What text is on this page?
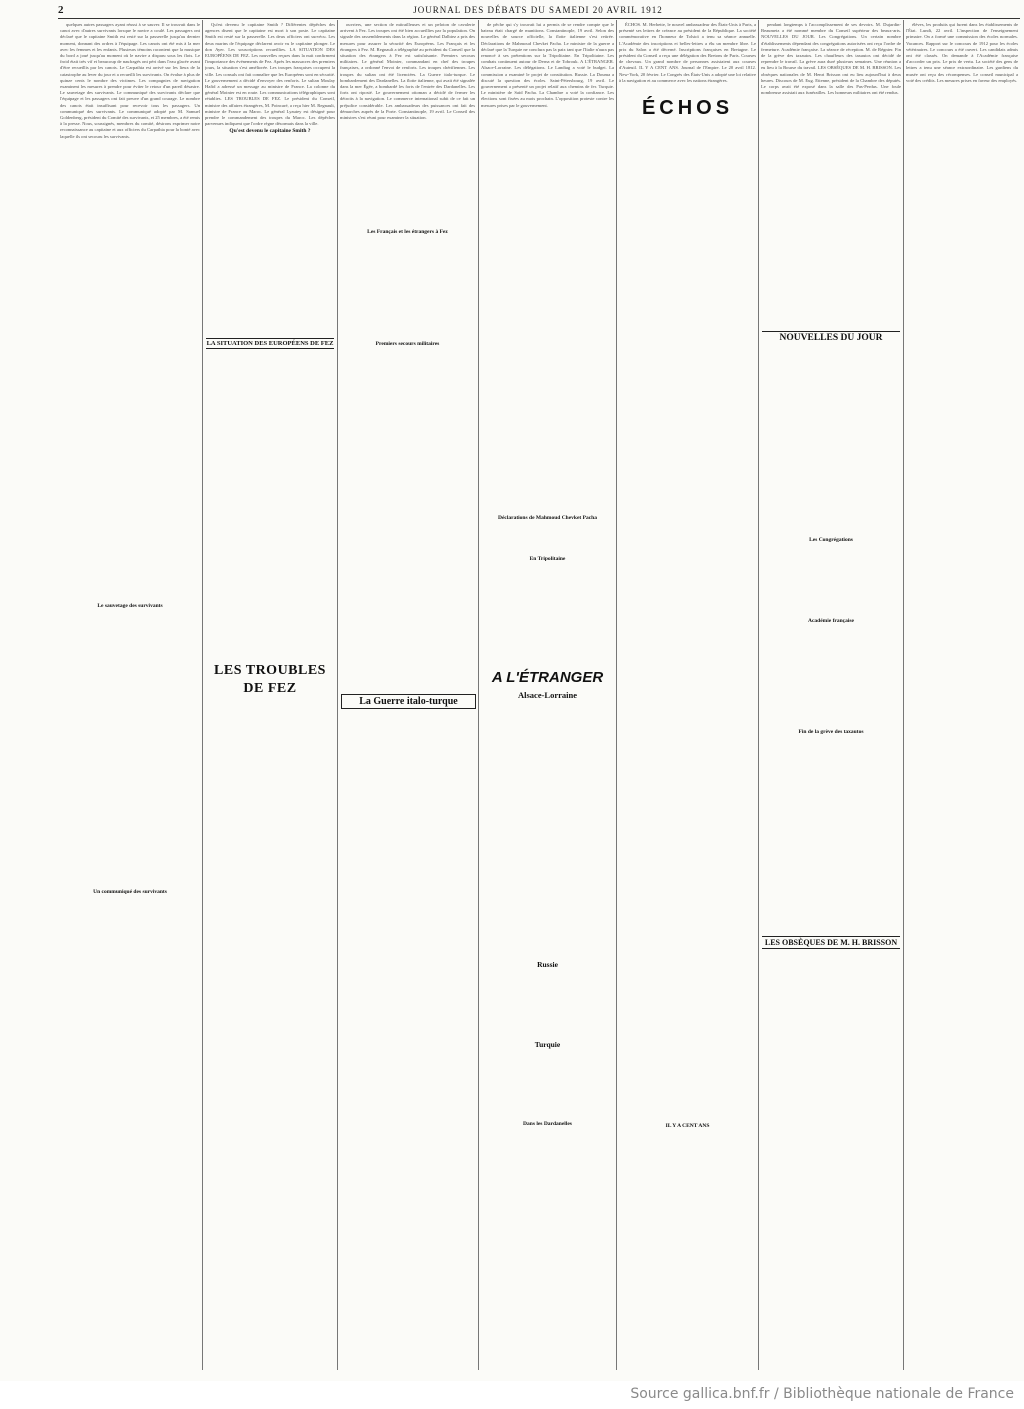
2	JOURNAL DES DÉBATS DU SAMEDI 20 AVRIL 1912

quelques autres passagers ayant réussi à se sauver. Il se trouvait dans le canot avec d'autres survivants lorsque le navire a coulé. Les passagers ont déclaré que le capitaine Smith est resté sur la passerelle jusqu'au dernier moment, donnant des ordres à l'équipage. Les canots ont été mis à la mer avec les femmes et les enfants. Plusieurs témoins racontent que la musique du bord a joué jusqu'au moment où le navire a disparu sous les flots. Le froid était très vif et beaucoup de naufragés ont péri dans l'eau glacée avant d'être recueillis par les canots. Le Carpathia est arrivé sur les lieux de la catastrophe au lever du jour et a recueilli les survivants. On évalue à plus de quinze cents le nombre des victimes. Les compagnies de navigation examinent les mesures à prendre pour éviter le retour d'un pareil désastre. Le sauvetage des survivants. Le communiqué des survivants déclare que l'équipage et les passagers ont fait preuve d'un grand courage. Le nombre des canots était insuffisant pour recevoir tous les passagers. Un communiqué des survivants. Le communiqué adopté par M. Samuel Goldenberg, président du Comité des survivants, et 25 membres, a été remis à la presse. Nous, soussignés, membres du comité, désirons exprimer notre reconnaissance au capitaine et aux officiers du Carpathia pour la bonté avec laquelle ils ont secouru les survivants.

Qu'est devenu le capitaine Smith ? Différentes dépêches des agences disent que le capitaine est mort à son poste. Le capitaine Smith est resté sur la passerelle. Les deux officiers ont survécu. Les deux marins de l'équipage déclarent avoir vu le capitaine plonger. Le don Ayer. Les souscriptions recueillies. LA SITUATION DES EUROPÉENS DE FEZ. Les nouvelles reçues dans la nuit confirment l'importance des événements de Fez. Après les massacres des premiers jours, la situation s'est améliorée. Les troupes françaises occupent la ville. Les consuls ont fait connaître que les Européens sont en sécurité. Le gouvernement a décidé d'envoyer des renforts. Le sultan Moulay Hafid a adressé un message au ministre de France. La colonne du général Moinier est en route. Les communications télégraphiques sont rétablies. LES TROUBLES DE FEZ. Le président du Conseil, ministre des affaires étrangères, M. Poincaré, a reçu hier M. Regnault, ministre de France au Maroc. Le général Lyautey est désigné pour prendre le commandement des troupes du Maroc. Les dépêches parvenues indiquent que l'ordre règne désormais dans la ville.

ouvriers, une section de mitrailleuses et un peloton de cavalerie arrivent à Fez. Les troupes ont été bien accueillies par la population. On signale des rassemblements dans la région. Le général Dalbiez a pris des mesures pour assurer la sécurité des Européens. Les Français et les étrangers à Fez. M. Regnault a télégraphié au président du Conseil que la situation des étrangers à Fez est satisfaisante. Premiers secours militaires. Le général Moinier, commandant en chef des troupes françaises, a ordonné l'envoi de renforts. Les troupes chérifiennes. Les troupes du sultan ont été licenciées. La Guerre italo-turque. Le bombardement des Dardanelles. La flotte italienne, qui avait été signalée dans la mer Égée, a bombardé les forts de l'entrée des Dardanelles. Les forts ont riposté. Le gouvernement ottoman a décidé de fermer les détroits à la navigation. Le commerce international subit de ce fait un préjudice considérable. Les ambassadeurs des puissances ont fait des démarches auprès de la Porte. Constantinople, 19 avril. Le Conseil des ministres s'est réuni pour examiner la situation.

de pêche qui s'y trouvait lui a permis de se rendre compte que le bateau était chargé de munitions. Constantinople, 19 avril. Selon des nouvelles de source officielle, la flotte italienne s'est retirée. Déclarations de Mahmoud Chevket Pacha. Le ministre de la guerre a déclaré que la Turquie ne conclura pas la paix tant que l'Italie n'aura pas renoncé à ses prétentions sur la Tripolitaine. En Tripolitaine. Les combats continuent autour de Derna et de Tobrouk. A L'ÉTRANGER. Alsace-Lorraine. Les délégations. Le Landtag a voté le budget. La commission a examiné le projet de constitution. Russie. La Douma a discuté la question des écoles. Saint-Pétersbourg, 19 avril. Le gouvernement a présenté un projet relatif aux chemins de fer. Turquie. Le ministère de Saïd Pacha. La Chambre a voté la confiance. Les élections sont fixées au mois prochain. L'opposition proteste contre les mesures prises par le gouvernement.

ÉCHOS. M. Herbette, le nouvel ambassadeur des États-Unis à Paris, a présenté ses lettres de créance au président de la République. La société commémorative en l'honneur de Tolstoï a tenu sa séance annuelle. L'Académie des inscriptions et belles-lettres a élu un membre libre. Le prix du Salon a été décerné. Inscriptions françaises en Bretagne. Le président du Conseil a reçu une délégation des Bretons de Paris. Courses de chevaux. Un grand nombre de personnes assistaient aux courses d'Auteuil. IL Y A CENT ANS. Journal de l'Empire. Le 20 avril 1812. New-York, 20 février. Le Congrès des États-Unis a adopté une loi relative à la navigation et au commerce avec les nations étrangères.

pendant longtemps à l'accomplissement de ses devoirs. M. Dujardin-Beaumetz a été nommé membre du Conseil supérieur des beaux-arts. NOUVELLES DU JOUR. Les Congrégations. Un certain nombre d'établissements dépendant des congrégations autorisées ont reçu l'ordre de fermeture. Académie française. La séance de réception. M. de Régnier. Fin de la grève des taxautos. Les chauffeurs des taxautos ont décidé de reprendre le travail. La grève aura duré plusieurs semaines. Une réunion a eu lieu à la Bourse du travail. LES OBSÈQUES DE M. H. BRISSON. Les obsèques nationales de M. Henri Brisson ont eu lieu aujourd'hui à deux heures. Discours de M. Eug. Etienne, président de la Chambre des députés. Le corps avait été exposé dans la salle des Pas-Perdus. Une foule nombreuse assistait aux funérailles. Les honneurs militaires ont été rendus.

élèves, les produits qui furent dans les établissements de l'État. Lundi, 22 avril. L'inspection de l'enseignement primaire. On a formé une commission des écoles normales. Vacances. Rapport sur le concours de 1912 pour les écoles vétérinaires. Le concours a été ouvert. Les candidats admis ont été classés. On demande à l'Académie française d'accorder un prix. Le prix de vertu. La société des gens de lettres a tenu une séance extraordinaire. Les gardiens du musée ont reçu des récompenses. Le conseil municipal a voté des crédits. Les mesures prises en faveur des employés.

LA SITUATION DES EUROPÉENS DE FEZ
LES TROUBLES DE FEZ
La Guerre italo-turque
ÉCHOS
A L'ÉTRANGER
Alsace-Lorraine
Russie
Turquie
NOUVELLES DU JOUR
LES OBSÈQUES DE M. H. BRISSON
Qu'est devenu le capitaine Smith ?
Le sauvetage des survivants
Un communiqué des survivants
Les Français et les étrangers à Fez
Premiers secours militaires
Déclarations de Mahmoud Chevket Pacha
En Tripolitaine
Les Congrégations
Académie française
Fin de la grève des taxautos
Dans les Dardanelles	IL Y A CENT ANS
Source gallica.bnf.fr / Bibliothèque nationale de France
